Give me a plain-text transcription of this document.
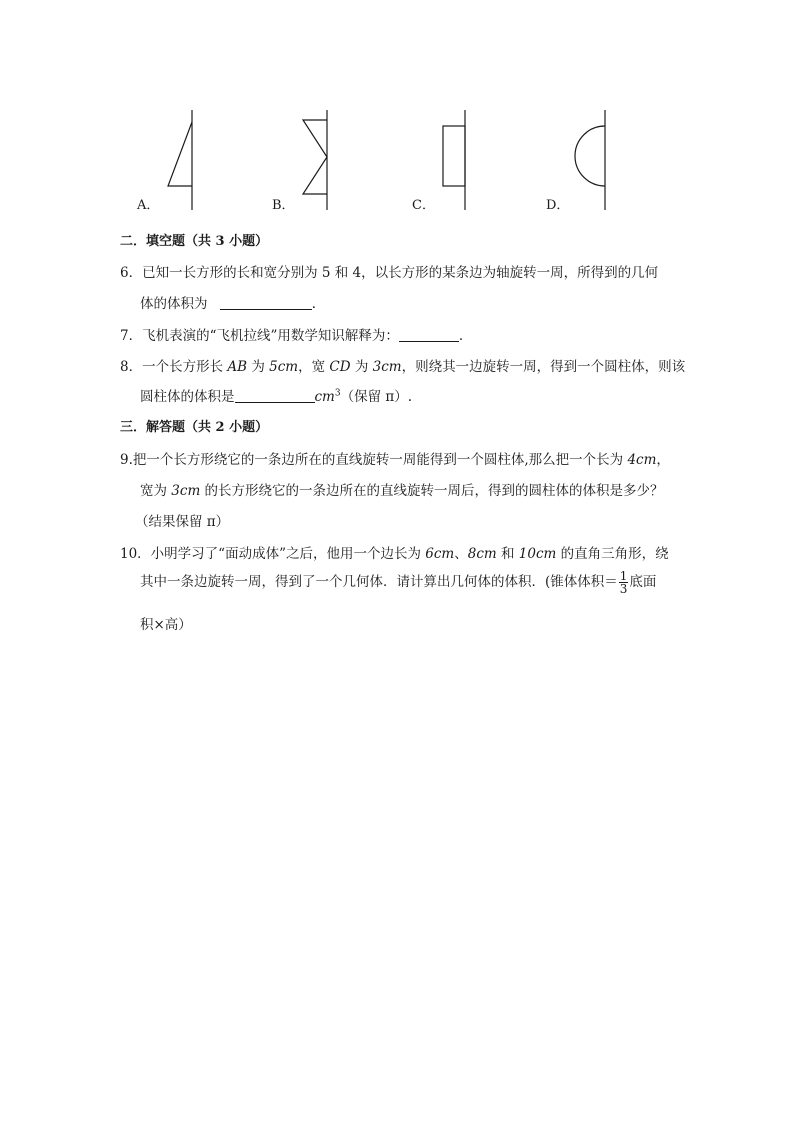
A．	B．	C．	D．
二．填空题（共 3 小题）
6．已知一长方形的长和宽分别为 5 和 4，以长方形的某条边为轴旋转一周，所得到的几何
体的体积为	．
7．飞机表演的“飞机拉线”用数学知识解释为：	．
8．一个长方形长 AB 为 5cm，宽 CD 为 3cm，则绕其一边旋转一周，得到一个圆柱体，则该
圆柱体的体积是	$cm^3$（保留 π）.
三．解答题（共 2 小题）
9.把一个长方形绕它的一条边所在的直线旋转一周能得到一个圆柱体,那么把一个长为 4cm，
宽为 3cm 的长方形绕它的一条边所在的直线旋转一周后，得到的圆柱体的体积是多少？
（结果保留 π）
10．小明学习了“面动成体”之后，他用一个边长为 6cm、8cm 和 10cm 的直角三角形，绕
其中一条边旋转一周，得到了一个几何体．请计算出几何体的体积．(锥体体积＝ $\frac{1}{3}$ 底面
积×高）
